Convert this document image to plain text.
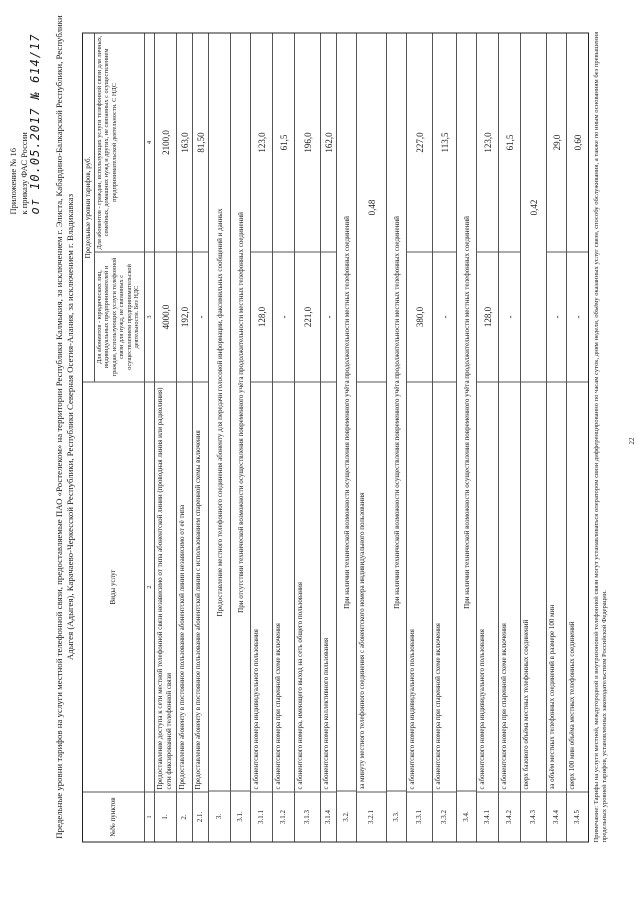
Приложение № 16 к приказу ФАС России от 10.05.2017 № 614/17 Предельные уровни тарифов на услуги местной телефонной связи, предоставляемые ПАО «Ростелеком» на территории Республики Калмыкия, за исключением г. Элиста, Кабардино-Балкарской Республики, Республики Адыгея (Адыгея), Карачаево-Черкесской Республики, Республики Северная Осетия-Алания, за исключением г. Владикавказ
№№ пунктов
Виды услуг
Предельные уровни тарифов, руб.
Для абонентов - юридических лиц, индивидуальных предпринимателей и граждан, использующих услуги телефонной связи для нужд, не связанных с осуществлением предпринимательской деятельности. Без НДС
Для абонентов - граждан, использующих услуги телефонной связи для личных, семейных, домашних нужд и других, не связанных с осуществлением предпринимательской деятельности. С НДС
1
2
3
4
1.
Предоставление доступа к сети местной телефонной связи независимо от типа абонентской линии (проводная линия или радиолиния) сети фиксированной телефонной связи
4000,0
2100,0
2.
Предоставление абоненту в постоянное пользование абонентской линии независимо от её типа
192,0
163,0
2.1.
Предоставление абоненту в постоянное пользование абонентской линии с использованием спаренной схемы включения
-
81,50
3.
Предоставление местного телефонного соединения абоненту для передачи голосовой информации, факсимильных сообщений и данных
3.1.
При отсутствии технической возможности осуществления повременного учёта продолжительности местных телефонных соединений
3.1.1
с абонентского номера индивидуального пользования
128,0
123,0
3.1.2
с абонентского номера при спаренной схеме включения
-
61,5
3.1.3
с абонентского номера, имеющего выход на сеть общего пользования
221,0
196,0
3.1.4
с абонентского номера коллективного пользования
-
162,0
3.2.
При наличии технической возможности осуществления повременного учёта продолжительности местных телефонных соединений
3.2.1
за минуту местного телефонного соединения с абонентского номера индивидуального пользования
0,48
3.3.
При наличии технической возможности осуществления повременного учёта продолжительности местных телефонных соединений
3.3.1
с абонентского номера индивидуального пользования
380,0
227,0
3.3.2
с абонентского номера при спаренной схеме включения
-
113,5
3.4.
При наличии технической возможности осуществления повременного учёта продолжительности местных телефонных соединений
3.4.1
с абонентского номера индивидуального пользования
128,0
123,0
3.4.2
с абонентского номера при спаренной схеме включения
-
61,5
3.4.3
сверх базового объёма местных телефонных соединений
0,42
3.4.4
за объём местных телефонных соединений в размере 100 мин
-
29,0
3.4.5
сверх 100 мин объёма местных телефонных соединений
-
0,60	Примечание: Тарифы на услуги местной, междугородной и внутризоновой телефонной связи могут устанавливаться оператором связи дифференцированно по часам суток, дням недели, объёму оказанных услуг связи, способу обслуживания, а также по иным основаниям без превышения предельных уровней тарифов, установленных законодательством Российской Федерации.
22
